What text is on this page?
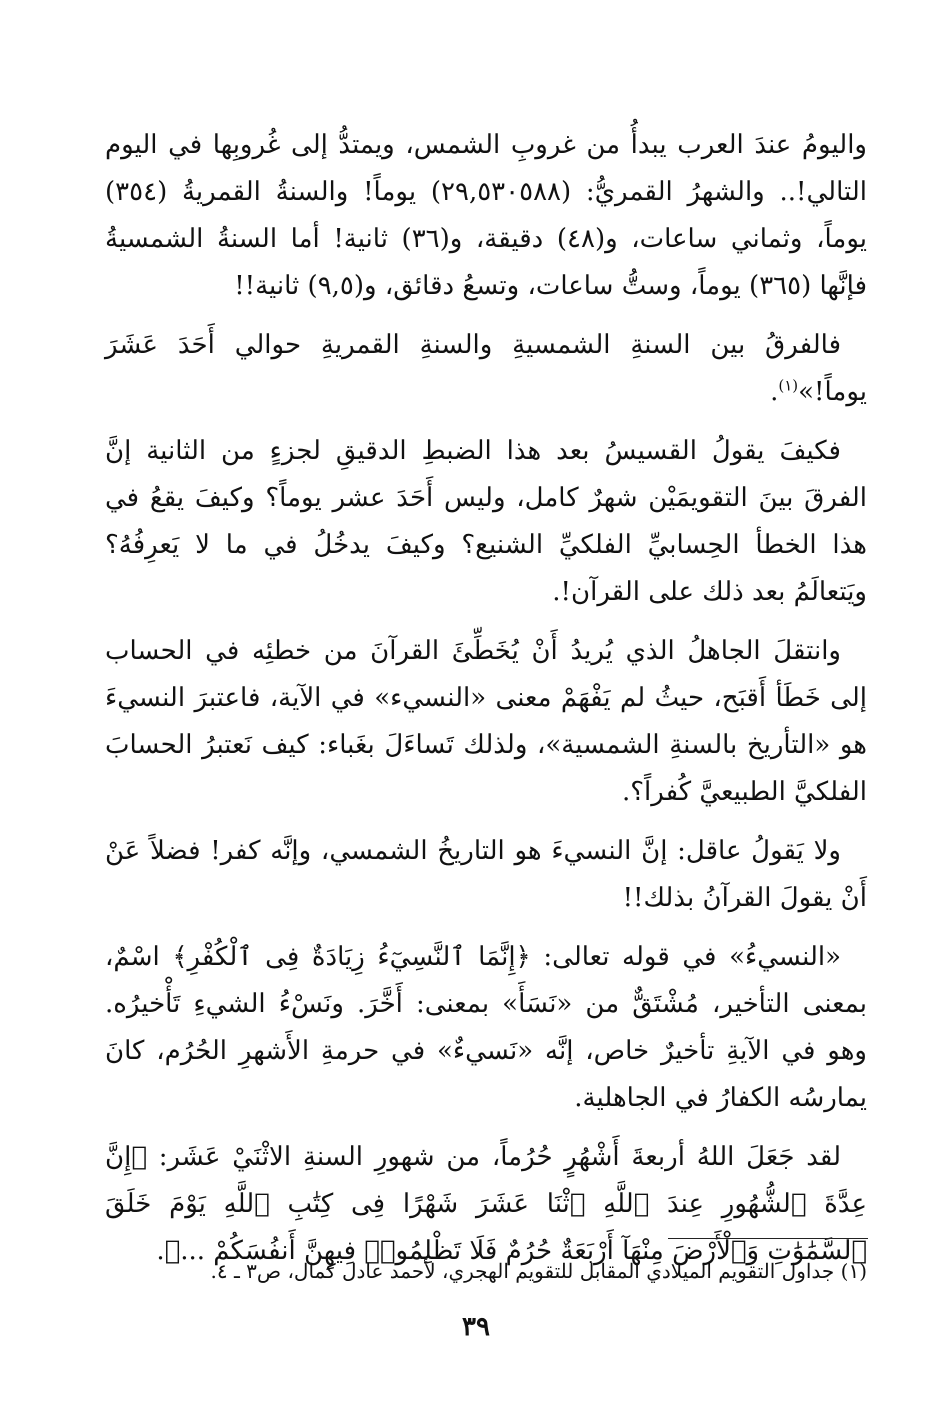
واليومُ عندَ العرب يبدأُ من غروبِ الشمس، ويمتدُّ إلى غُروبِها في اليوم التالي!.. والشهرُ القمريُّ: (٢٩,٥٣٠٥٨٨) يوماً! والسنةُ القمريةُ (٣٥٤) يوماً، وثماني ساعات، و(٤٨) دقيقة، و(٣٦) ثانية! أما السنةُ الشمسيةُ فإنَّها (٣٦٥) يوماً، وستُّ ساعات، وتسعُ دقائق، و(٩,٥) ثانية!!

فالفرقُ بين السنةِ الشمسيةِ والسنةِ القمريةِ حوالي أَحَدَ عَشَرَ يوماً!»$^{(١)}$.

فكيفَ يقولُ القسيسُ بعد هذا الضبطِ الدقيقِ لجزءٍ من الثانية إنَّ الفرقَ بينَ التقويمَيْن شهرٌ كامل، وليس أَحَدَ عشر يوماً؟ وكيفَ يقعُ في هذا الخطأ الحِسابيِّ الفلكيِّ الشنيع؟ وكيفَ يدخُلُ في ما لا يَعرِفُهُ؟ ويَتعالَمُ بعد ذلك على القرآن!.

وانتقلَ الجاهلُ الذي يُريدُ أَنْ يُخَطِّئَ القرآنَ من خطئِه في الحساب إلى خَطَأ أَقبَح، حيثُ لم يَفْهَمْ معنى «النسيء» في الآية، فاعتبرَ النسيءَ هو «التأريخ بالسنةِ الشمسية»، ولذلك تَساءَلَ بغَباء: كيف نَعتبرُ الحسابَ الفلكيَّ الطبيعيَّ كُفراً؟.

ولا يَقولُ عاقل: إنَّ النسيءَ هو التاريخُ الشمسي، وإنَّه كفر! فضلاً عَنْ أَنْ يقولَ القرآنُ بذلك!!

«النسيءُ» في قوله تعالى: ﴿إِنَّمَا ٱلنَّسِيٓءُ زِيَادَةٌ فِى ٱلْكُفْرِ﴾ اسْمٌ، بمعنى التأخير، مُشْتَقٌّ من «نَسَأَ» بمعنى: أَخَّرَ. ونَسْءُ الشيءِ تَأْخيرُه. وهو في الآيةِ تأخيرٌ خاص، إنَّه «نَسيءٌ» في حرمةِ الأَشهرِ الحُرُم، كانَ يمارسُه الكفارُ في الجاهلية.

لقد جَعَلَ اللهُ أربعةَ أَشْهُرٍ حُرُماً، من شهورِ السنةِ الاثْنَيْ عَشَر: ﴿إِنَّ عِدَّةَ ٱلشُّهُورِ عِندَ ٱللَّهِ ٱثْنَا عَشَرَ شَهْرًا فِى كِتَٰبِ ٱللَّهِ يَوْمَ خَلَقَ ٱلسَّمَٰوَٰتِ وَٱلْأَرْضَ مِنْهَآ أَرْبَعَةٌ حُرُمٌ فَلَا تَظْلِمُوا۟ فِيهِنَّ أَنفُسَكُمْ ...﴾.

(١) جداول التقويم الميلادي المقابل للتقويم الهجري، لأحمد عادل كمال، ص٣ ـ ٤.
٣٩
